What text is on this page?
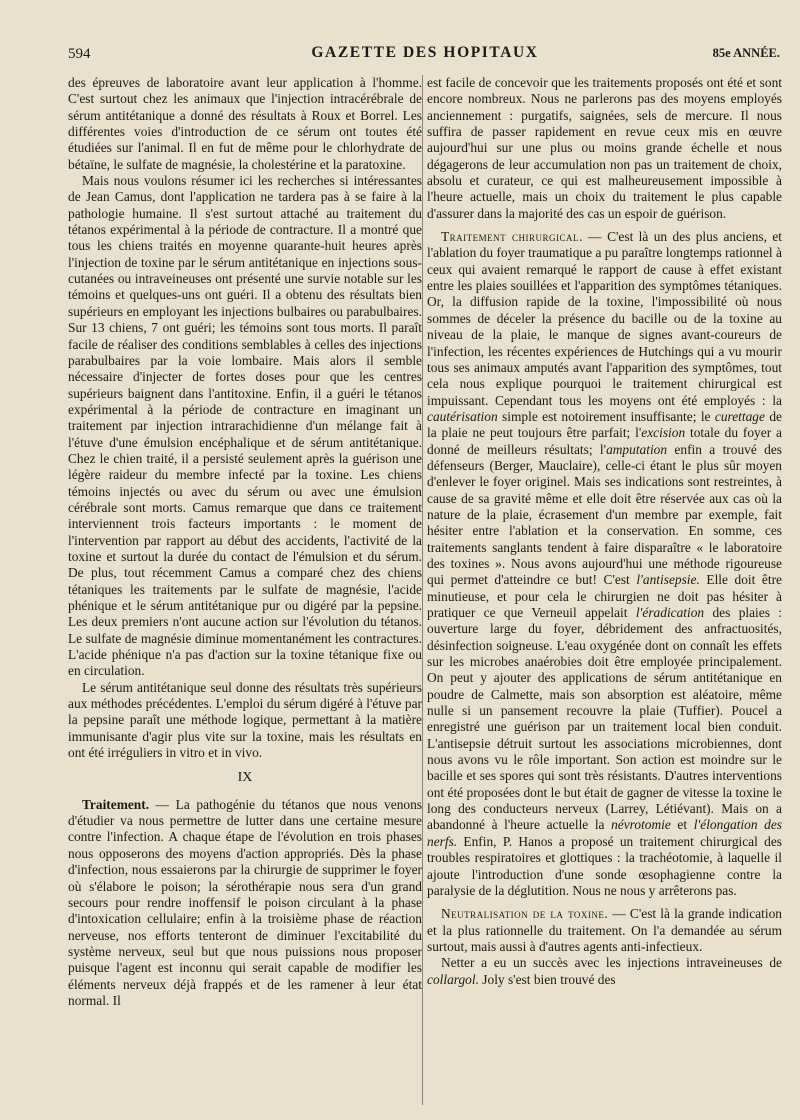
594	GAZETTE DES HOPITAUX	85e ANNÉE.

des épreuves de laboratoire avant leur application à l'homme. C'est surtout chez les animaux que l'injection intracérébrale de sérum antitétanique a donné des résultats à Roux et Borrel. Les différentes voies d'introduction de ce sérum ont toutes été étudiées sur l'animal. Il en fut de même pour le chlorhydrate de bétaïne, le sulfate de magnésie, la cholestérine et la paratoxine.

Mais nous voulons résumer ici les recherches si intéressantes de Jean Camus, dont l'application ne tardera pas à se faire à la pathologie humaine. Il s'est surtout attaché au traitement du tétanos expérimental à la période de contracture. Il a montré que tous les chiens traités en moyenne quarante-huit heures après l'injection de toxine par le sérum antitétanique en injections sous-cutanées ou intraveineuses ont présenté une survie notable sur les témoins et quelques-uns ont guéri. Il a obtenu des résultats bien supérieurs en employant les injections bulbaires ou parabulbaires. Sur 13 chiens, 7 ont guéri; les témoins sont tous morts. Il paraît facile de réaliser des conditions semblables à celles des injections parabulbaires par la voie lombaire. Mais alors il semble nécessaire d'injecter de fortes doses pour que les centres supérieurs baignent dans l'antitoxine. Enfin, il a guéri le tétanos expérimental à la période de contracture en imaginant un traitement par injection intrarachidienne d'un mélange fait à l'étuve d'une émulsion encéphalique et de sérum antitétanique. Chez le chien traité, il a persisté seulement après la guérison une légère raideur du membre infecté par la toxine. Les chiens témoins injectés ou avec du sérum ou avec une émulsion cérébrale sont morts. Camus remarque que dans ce traitement interviennent trois facteurs importants : le moment de l'intervention par rapport au début des accidents, l'activité de la toxine et surtout la durée du contact de l'émulsion et du sérum. De plus, tout récemment Camus a comparé chez des chiens tétaniques les traitements par le sulfate de magnésie, l'acide phénique et le sérum antitétanique pur ou digéré par la pepsine. Les deux premiers n'ont aucune action sur l'évolution du tétanos. Le sulfate de magnésie diminue momentanément les contractures. L'acide phénique n'a pas d'action sur la toxine tétanique fixe ou en circulation.

Le sérum antitétanique seul donne des résultats très supérieurs aux méthodes précédentes. L'emploi du sérum digéré à l'étuve par la pepsine paraît une méthode logique, permettant à la matière immunisante d'agir plus vite sur la toxine, mais les résultats en ont été irréguliers in vitro et in vivo.

IX

Traitement. — La pathogénie du tétanos que nous venons d'étudier va nous permettre de lutter dans une certaine mesure contre l'infection. A chaque étape de l'évolution en trois phases nous opposerons des moyens d'action appropriés. Dès la phase d'infection, nous essaierons par la chirurgie de supprimer le foyer où s'élabore le poison; la sérothérapie nous sera d'un grand secours pour rendre inoffensif le poison circulant à la phase d'intoxication cellulaire; enfin à la troisième phase de réaction nerveuse, nos efforts tenteront de diminuer l'excitabilité du système nerveux, seul but que nous puissions nous proposer puisque l'agent est inconnu qui serait capable de modifier les éléments nerveux déjà frappés et de les ramener à leur état normal. Il

est facile de concevoir que les traitements proposés ont été et sont encore nombreux. Nous ne parlerons pas des moyens employés anciennement : purgatifs, saignées, sels de mercure. Il nous suffira de passer rapidement en revue ceux mis en œuvre aujourd'hui sur une plus ou moins grande échelle et nous dégagerons de leur accumulation non pas un traitement de choix, absolu et curateur, ce qui est malheureusement impossible à l'heure actuelle, mais un choix du traitement le plus capable d'assurer dans la majorité des cas un espoir de guérison.

Traitement chirurgical. — C'est là un des plus anciens, et l'ablation du foyer traumatique a pu paraître longtemps rationnel à ceux qui avaient remarqué le rapport de cause à effet existant entre les plaies souillées et l'apparition des symptômes tétaniques. Or, la diffusion rapide de la toxine, l'impossibilité où nous sommes de déceler la présence du bacille ou de la toxine au niveau de la plaie, le manque de signes avant-coureurs de l'infection, les récentes expériences de Hutchings qui a vu mourir tous ses animaux amputés avant l'apparition des symptômes, tout cela nous explique pourquoi le traitement chirurgical est impuissant. Cependant tous les moyens ont été employés : la cautérisation simple est notoirement insuffisante; le curettage de la plaie ne peut toujours être parfait; l'excision totale du foyer a donné de meilleurs résultats; l'amputation enfin a trouvé des défenseurs (Berger, Mauclaire), celle-ci étant le plus sûr moyen d'enlever le foyer originel. Mais ses indications sont restreintes, à cause de sa gravité même et elle doit être réservée aux cas où la nature de la plaie, écrasement d'un membre par exemple, fait hésiter entre l'ablation et la conservation. En somme, ces traitements sanglants tendent à faire disparaître « le laboratoire des toxines ». Nous avons aujourd'hui une méthode rigoureuse qui permet d'atteindre ce but! C'est l'antisepsie. Elle doit être minutieuse, et pour cela le chirurgien ne doit pas hésiter à pratiquer ce que Verneuil appelait l'éradication des plaies : ouverture large du foyer, débridement des anfractuosités, désinfection soigneuse. L'eau oxygénée dont on connaît les effets sur les microbes anaérobies doit être employée principalement. On peut y ajouter des applications de sérum antitétanique en poudre de Calmette, mais son absorption est aléatoire, même nulle si un pansement recouvre la plaie (Tuffier). Poucel a enregistré une guérison par un traitement local bien conduit. L'antisepsie détruit surtout les associations microbiennes, dont nous avons vu le rôle important. Son action est moindre sur le bacille et ses spores qui sont très résistants. D'autres interventions ont été proposées dont le but était de gagner de vitesse la toxine le long des conducteurs nerveux (Larrey, Létiévant). Mais on a abandonné à l'heure actuelle la névrotomie et l'élongation des nerfs. Enfin, P. Hanos a proposé un traitement chirurgical des troubles respiratoires et glottiques : la trachéotomie, à laquelle il ajoute l'introduction d'une sonde œsophagienne contre la paralysie de la déglutition. Nous ne nous y arrêterons pas.

Neutralisation de la toxine. — C'est là la grande indication et la plus rationnelle du traitement. On l'a demandée au sérum surtout, mais aussi à d'autres agents anti-infectieux.

Netter a eu un succès avec les injections intraveineuses de collargol. Joly s'est bien trouvé des
